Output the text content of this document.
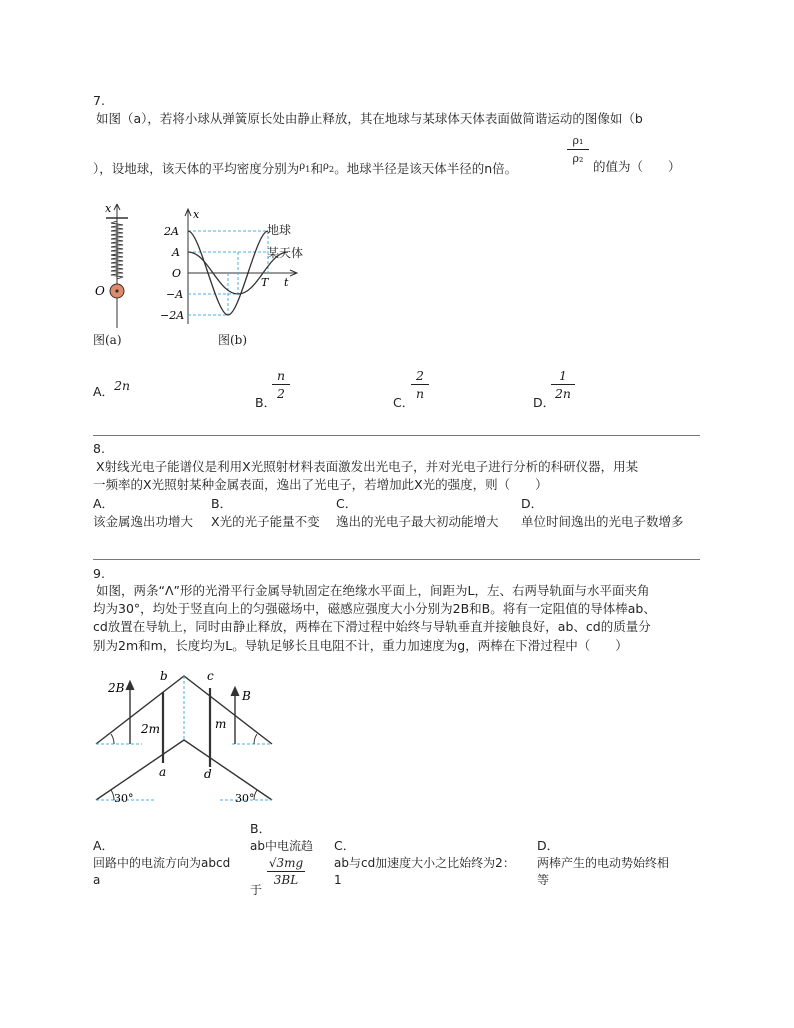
7.
如图（a），若将小球从弹簧原长处由静止释放，其在地球与某球体天体表面做简谐运动的图像如（b
），设地球，该天体的平均密度分别为$^{\rho_1}$和$^{\rho_2}$。地球半径是该天体半径的n倍。
ρ₁
ρ₂
的值为（　　）
x
O
图(a)
2A
A
O
−A
−2A
x
T t
地球
某天体
图(b)
A．2n
B．
n
2
C．
2
n
D．
1
2n
8.
X射线光电子能谱仪是利用X光照射材料表面激发出光电子，并对光电子进行分析的科研仪器，用某
一频率的X光照射某种金属表面，逸出了光电子，若增加此X光的强度，则（　　）
A．
该金属逸出功增大
B．
X光的光子能量不变
C．
逸出的光电子最大初动能增大
D．
单位时间逸出的光电子数增多
9.
如图，两条“Λ”形的光滑平行金属导轨固定在绝缘水平面上，间距为L，左、右两导轨面与水平面夹角
均为30°，均处于竖直向上的匀强磁场中，磁感应强度大小分别为2B和B。将有一定阻值的导体棒ab、
cd放置在导轨上，同时由静止释放，两棒在下滑过程中始终与导轨垂直并接触良好，ab、cd的质量分
别为2m和m，长度均为L。导轨足够长且电阻不计，重力加速度为g，两棒在下滑过程中（　　）
2B
B
b	c
a	d
2m	m
30°	30°
A．
回路中的电流方向为abcd
a
B．
ab中电流趋
于
√3mg
3BL
C．
ab与cd加速度大小之比始终为2：
1
D．
两棒产生的电动势始终相
等
